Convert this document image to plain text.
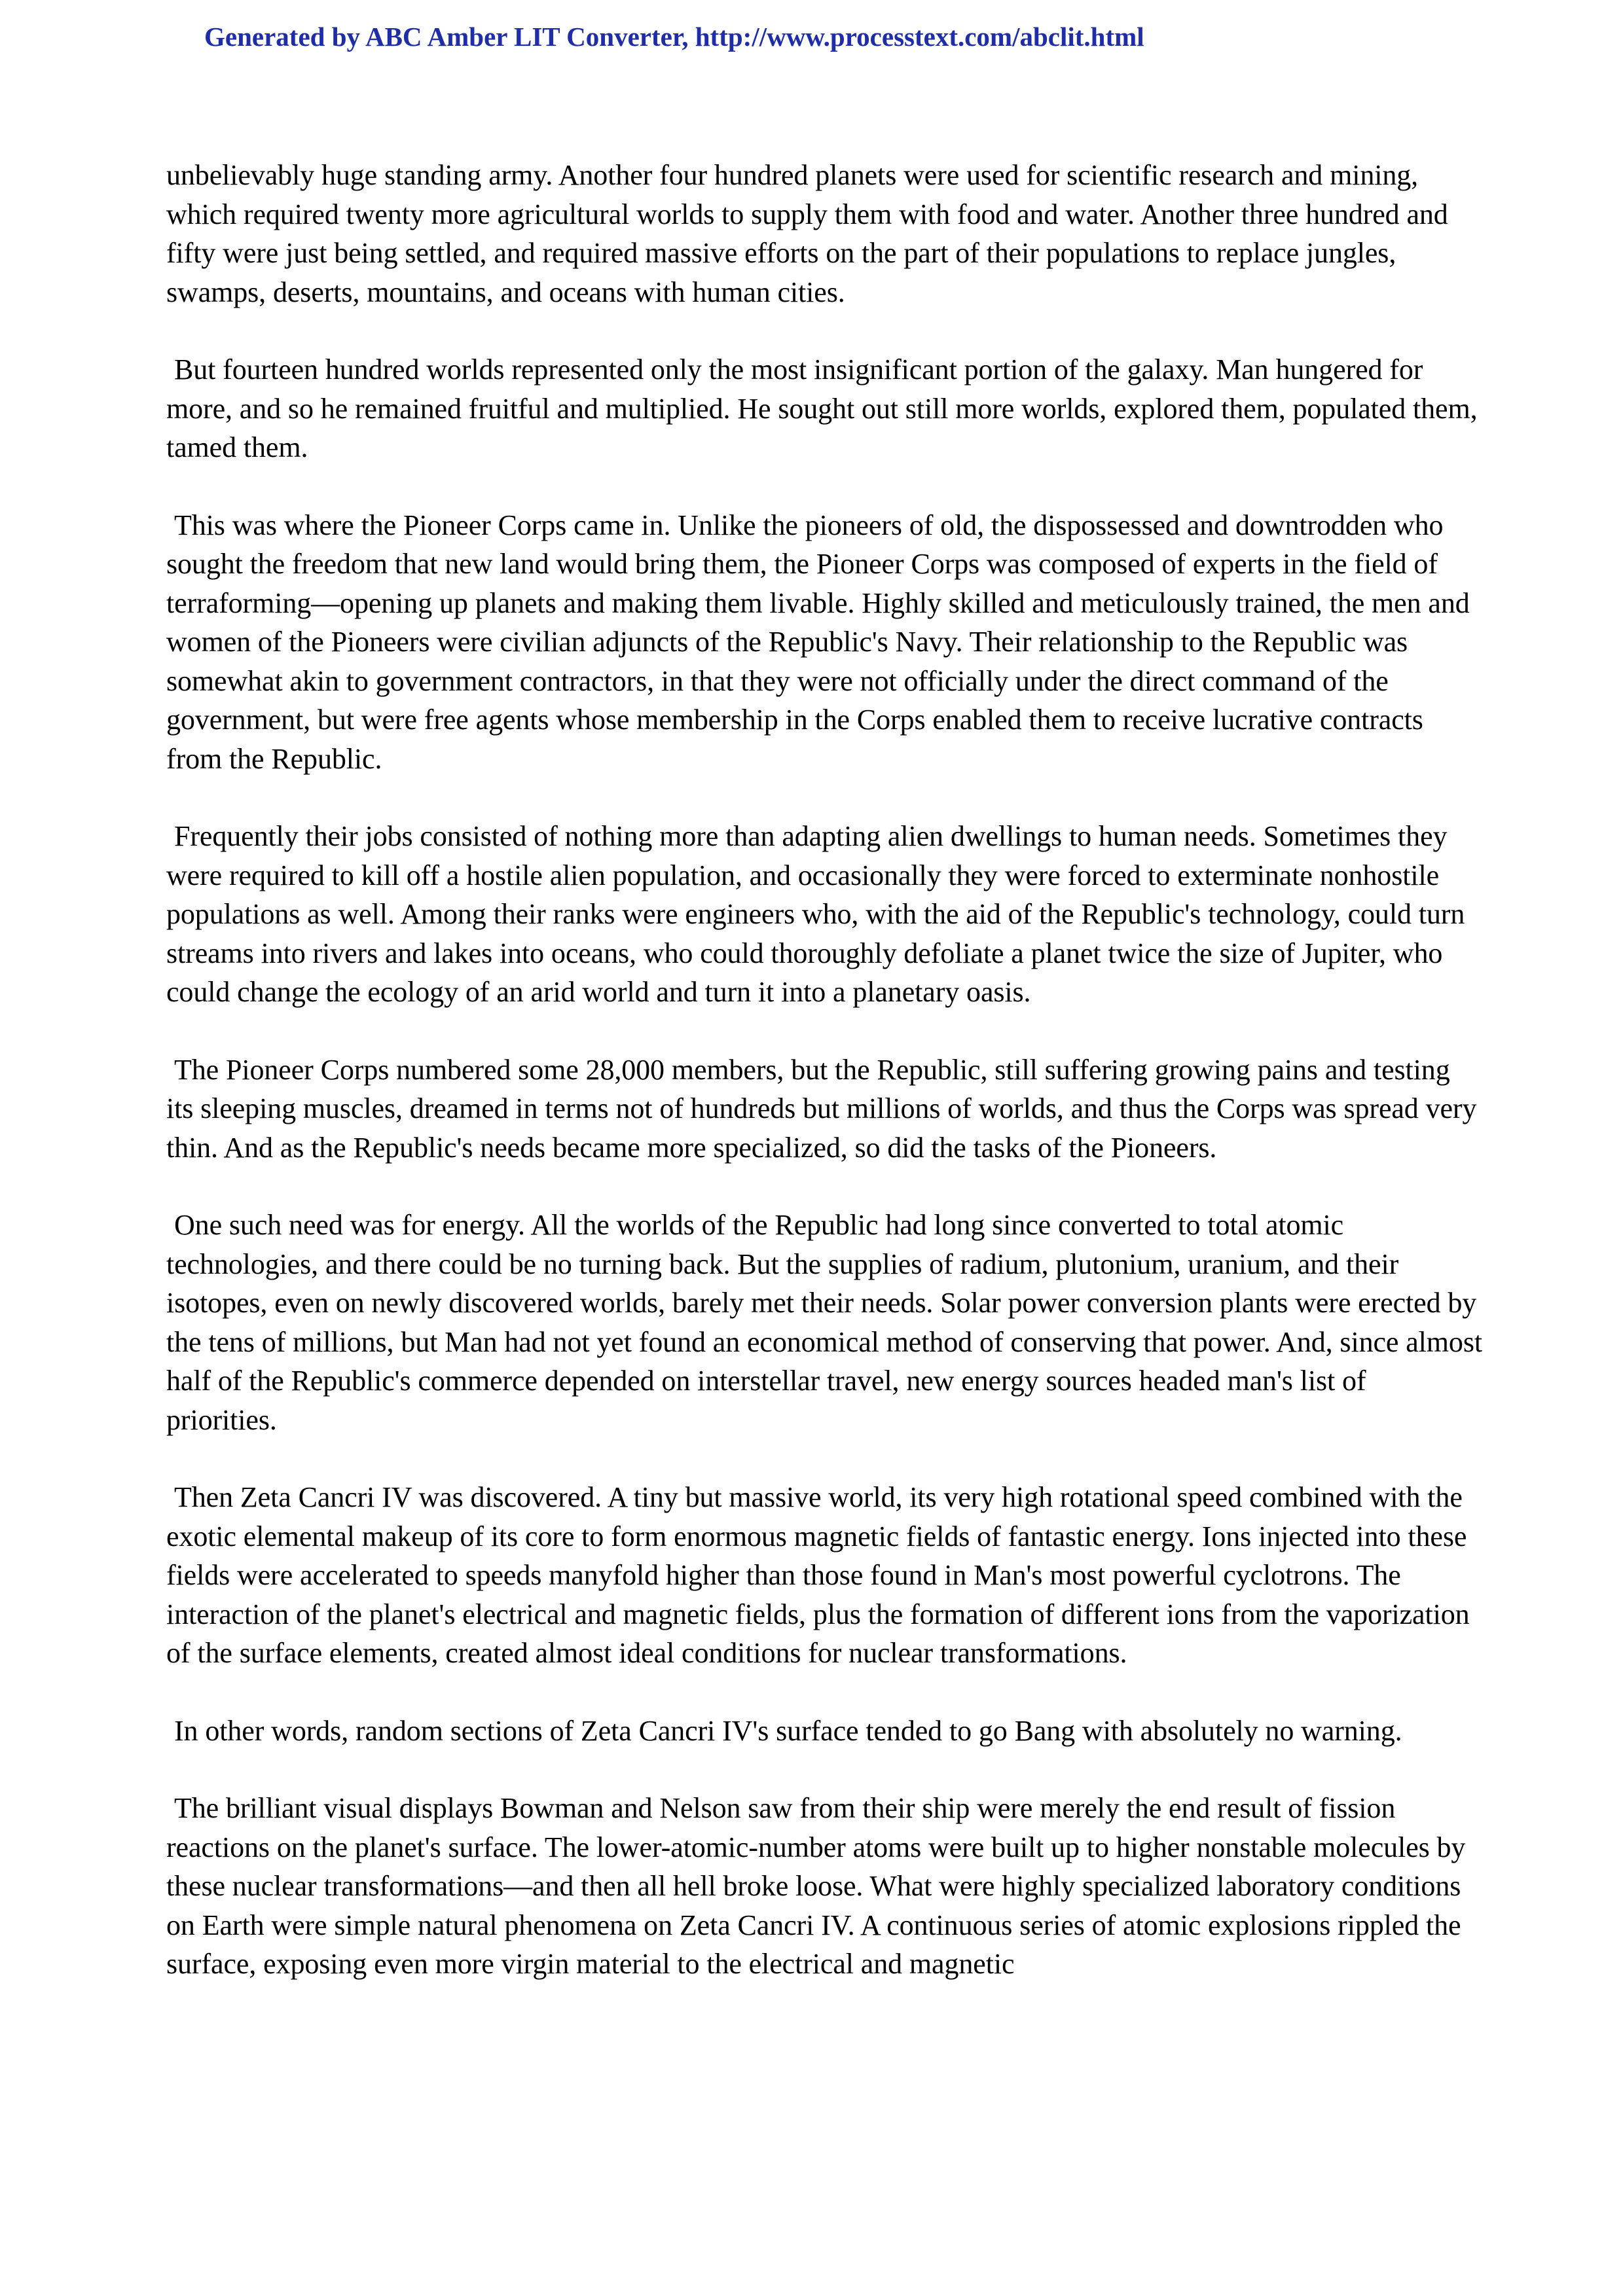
Generated by ABC Amber LIT Converter, http://www.processtext.com/abclit.html

unbelievably huge standing army. Another four hundred planets were used for scientific research and mining, which required twenty more agricultural worlds to supply them with food and water. Another three hundred and fifty were just being settled, and required massive efforts on the part of their populations to replace jungles, swamps, deserts, mountains, and oceans with human cities.

But fourteen hundred worlds represented only the most insignificant portion of the galaxy. Man hungered for more, and so he remained fruitful and multiplied. He sought out still more worlds, explored them, populated them, tamed them.

This was where the Pioneer Corps came in. Unlike the pioneers of old, the dispossessed and downtrodden who sought the freedom that new land would bring them, the Pioneer Corps was composed of experts in the field of terraforming—opening up planets and making them livable. Highly skilled and meticulously trained, the men and women of the Pioneers were civilian adjuncts of the Republic's Navy. Their relationship to the Republic was somewhat akin to government contractors, in that they were not officially under the direct command of the government, but were free agents whose membership in the Corps enabled them to receive lucrative contracts from the Republic.

Frequently their jobs consisted of nothing more than adapting alien dwellings to human needs. Sometimes they were required to kill off a hostile alien population, and occasionally they were forced to exterminate nonhostile populations as well. Among their ranks were engineers who, with the aid of the Republic's technology, could turn streams into rivers and lakes into oceans, who could thoroughly defoliate a planet twice the size of Jupiter, who could change the ecology of an arid world and turn it into a planetary oasis.

The Pioneer Corps numbered some 28,000 members, but the Republic, still suffering growing pains and testing its sleeping muscles, dreamed in terms not of hundreds but millions of worlds, and thus the Corps was spread very thin. And as the Republic's needs became more specialized, so did the tasks of the Pioneers.

One such need was for energy. All the worlds of the Republic had long since converted to total atomic technologies, and there could be no turning back. But the supplies of radium, plutonium, uranium, and their isotopes, even on newly discovered worlds, barely met their needs. Solar power conversion plants were erected by the tens of millions, but Man had not yet found an economical method of conserving that power. And, since almost half of the Republic's commerce depended on interstellar travel, new energy sources headed man's list of priorities.

Then Zeta Cancri IV was discovered. A tiny but massive world, its very high rotational speed combined with the exotic elemental makeup of its core to form enormous magnetic fields of fantastic energy. Ions injected into these fields were accelerated to speeds manyfold higher than those found in Man's most powerful cyclotrons. The interaction of the planet's electrical and magnetic fields, plus the formation of different ions from the vaporization of the surface elements, created almost ideal conditions for nuclear transformations.

In other words, random sections of Zeta Cancri IV's surface tended to go Bang with absolutely no warning.

The brilliant visual displays Bowman and Nelson saw from their ship were merely the end result of fission reactions on the planet's surface. The lower-atomic-number atoms were built up to higher nonstable molecules by these nuclear transformations—and then all hell broke loose. What were highly specialized laboratory conditions on Earth were simple natural phenomena on Zeta Cancri IV. A continuous series of atomic explosions rippled the surface, exposing even more virgin material to the electrical and magnetic
